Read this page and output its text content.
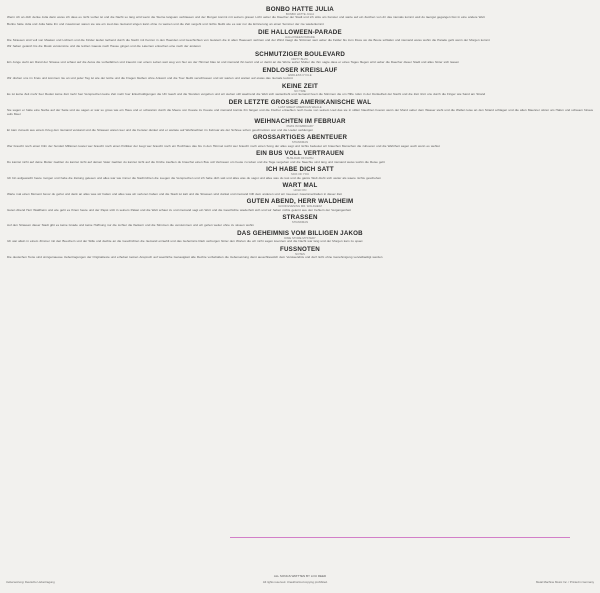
BONBO HATTE JULIA
BONBO HATTE JULIA

Wenn ich an dich denke Julia dann weiss ich dass es nicht vorbei ist und die Nacht so lang wird wenn die Sterne langsam verblassen und der Morgen kommt mit seinem grauen Licht ueber die Daecher der Stadt und ich sitze am Fenster und warte auf ein Zeichen von dir das niemals kommt weil du laengst gegangen bist in eine andere Welt

Bonbo hatte Julia und Julia hatte ihn und zusammen waren sie wie ein Lied das niemand singen kann ohne zu weinen und die Zeit vergeht und nichts bleibt wie es war nur die Erinnerung an einen Sommer der nie wiederkommt

DIE HALLOWEEN-PARADE
HALLOWEEN PARADE

Die Strassen sind voll von Masken und Lichtern und die Kinder laufen lachend durch die Nacht mit Kerzen in den Haenden und Geschichten von Geistern die in alten Haeusern wohnen und der Wind traegt die Stimmen weit ueber die Felder bis zum Fluss wo die Boote schlafen und niemand weiss wohin die Parade geht wenn der Morgen kommt

Wir haben getanzt bis die Musik verstummte und die letzten Gaeste nach Hause gingen und die Laternen erloschen eine nach der anderen

SCHMUTZIGER BOULEVARD
DIRTY BLVD.

Ein Junge steht am Rand der Strasse und schaut auf die Autos die vorbeifahren und traeumt von einem Leben weit weg von hier wo der Himmel blau ist und niemand ihn kennt und er denkt an die Worte seiner Mutter die ihm sagte dass er eines Tages fliegen wird ueber die Daecher dieser Stadt und alles hinter sich lassen

ENDLOSER KREISLAUF
ENDLESS CYCLE

Wir drehen uns im Kreis und kommen nie an und jeder Tag ist wie der letzte und die Fragen bleiben ohne Antwort und die Tuer bleibt verschlossen und wir warten und warten auf etwas das niemals kommt

KEINE ZEIT
NO TIME

Es ist keine Zeit mehr fuer Reden keine Zeit mehr fuer Versprechen keine Zeit mehr fuer Entschuldigungen die Uhr laeuft und die Stunden vergehen und wir stehen still waehrend die Welt sich weiterdreht und niemand hoert die Stimmen die um Hilfe rufen in der Dunkelheit der Nacht und die Zeit rinnt uns durch die Finger wie Sand am Strand

DER LETZTE GROSSE AMERIKANISCHE WAL
LAST GREAT AMERICAN WHALE

Sie sagen er hatte eine Narbe auf der Seite und sie sagen er war so gross wie ein Haus und er schwamm durch die Meere von Kueste zu Kueste und niemand konnte ihn fangen und die Fischer erzaehlen noch heute von seinem Lied das sie in stillen Naechten hoeren wenn der Mond ueber dem Wasser steht und die Wellen leise an den Strand schlagen und die alten Maenner sitzen am Hafen und schauen hinaus aufs Meer

WEIHNACHTEN IM FEBRUAR
XMAS IN FEBRUARY

Er kam zurueck aus einem Krieg den niemand verstand und die Strassen waren leer und die Fenster dunkel und er wartete auf Weihnachten im Februar als der Schnee schon geschmolzen war und die Lieder verklungen

GROSSARTIGES ABENTEUER
STRAWMAN

Wer braucht noch einen Film der hundert Millionen kostet wer braucht noch einen Politiker der luegt wer braucht noch ein Hochhaus das bis in den Himmel reicht wer braucht noch einen Song der alles sagt und nichts bedeutet wir brauchen Menschen die zuhoeren und die Wahrheit sagen auch wenn es wehtut

EIN BUS VOLL VERTRAUEN
BUSLOAD OF FAITH

Du kannst nicht auf deine Mutter zaehlen du kannst nicht auf deinen Vater zaehlen du kannst nicht auf die Kirche zaehlen du brauchst einen Bus voll Vertrauen um heute zu leben und die Tage vergehen und die Naechte sind lang und niemand weiss wohin die Reise geht

ICH HABE DICH SATT
SICK OF YOU

Ich bin aufgewacht heute morgen und habe die Zeitung gelesen und alles war wie immer die Nachrichten die Luegen die Versprechen und ich habe dich satt und alles was du sagst und alles was du tust und die ganze Welt dreht sich weiter als waere nichts geschehen

WART MAL
HOLD ON

Warte mal einen Moment bevor du gehst und denk an alles was wir hatten und alles was wir verloren haben und die Stadt ist kalt und die Strassen sind dunkel und niemand hilft dem anderen und wir muessen zusammenhalten in dieser Zeit

GUTEN ABEND, HERR WALDHEIM
GOOD EVENING MR. WALDHEIM

Guten Abend Herr Waldheim und wie geht es Ihnen heute und der Papst sitzt in seinem Palast und die Welt schaut zu und niemand sagt ein Wort und die Geschichte wiederholt sich und wir haben nichts gelernt aus den Fehlern der Vergangenheit

STRASSEN
STRAWMAN

Auf den Strassen dieser Stadt gibt es keine Gnade und keine Hoffnung nur die Lichter die flackern und die Stimmen die verstummen und wir gehen weiter ohne zu wissen wohin

DAS GEHEIMNIS VOM BILLIGEN JAKOB
DIME STORE MYSTERY

Ich war allein in einem Zimmer mit den Buechern und der Stille und dachte an die Geschichten die niemand erzaehlt und das Geheimnis blieb verborgen hinter den Worten die wir nicht sagen koennen und die Nacht war lang und der Morgen kam zu spaet

FUSSNOTEN
NOTES

Die deutschen Texte sind sinngemaesse Uebertragungen der Originaltexte und erheben keinen Anspruch auf woertliche Genauigkeit alle Rechte vorbehalten die Uebersetzung dient ausschliesslich dem Verstaendnis und darf nicht ohne Genehmigung vervielfaeltigt werden

ALL SONGS WRITTEN BY LOU REED
Uebersetzung: Deutsche Uebertragung	All rights reserved. Unauthorized copying prohibited.	Metal Machine Music Inc. / Printed in Germany
